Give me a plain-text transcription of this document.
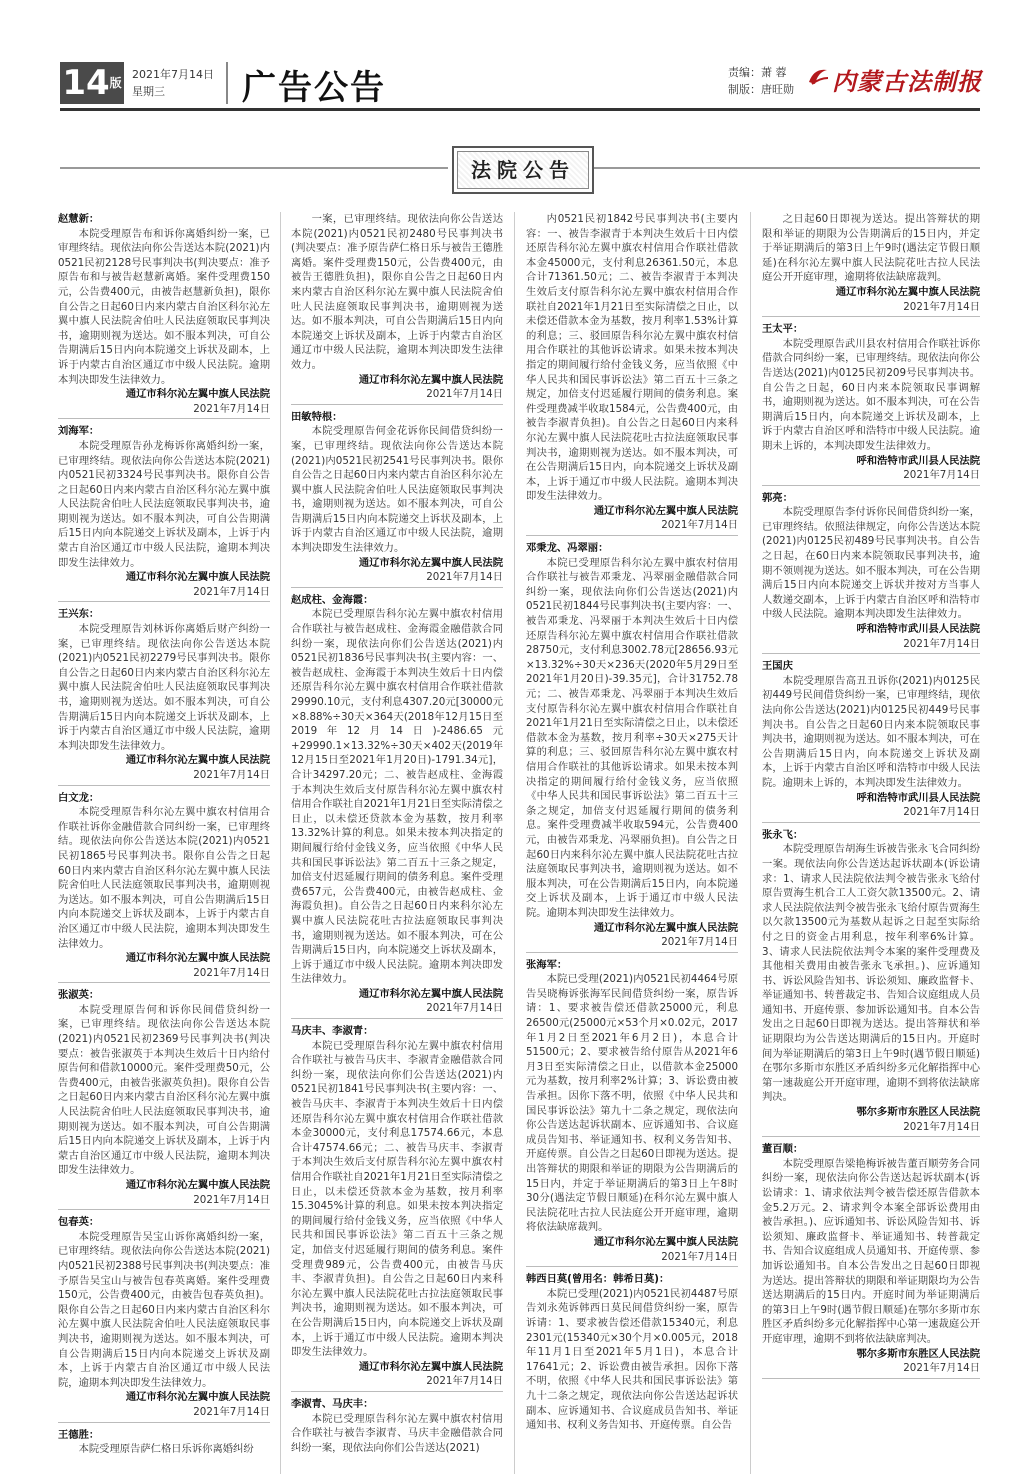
$14^版$
2021年7月14日
星期三	广告公告	责编：萧 蓉
制版：唐旺勋 内蒙古法制报
法院公告
赵慧新：
本院受理原告布和诉你离婚纠纷一案，已审理终结。现依法向你公告送达本院(2021)内0521民初2128号民事判决书(判决要点：准予原告布和与被告赵慧新离婚。案件受理费150元，公告费400元，由被告赵慧新负担)，限你自公告之日起60日内来内蒙古自治区科尔沁左翼中旗人民法院舍伯吐人民法庭领取民事判决书，逾期则视为送达。如不服本判决，可自公告期满后15日内向本院递交上诉状及副本，上诉于内蒙古自治区通辽市中级人民法院。逾期本判决即发生法律效力。
通辽市科尔沁左翼中旗人民法院
2021年7月14日
刘海军：
本院受理原告孙龙梅诉你离婚纠纷一案，已审理终结。现依法向你公告送达本院(2021)内0521民初3324号民事判决书。限你自公告之日起60日内来内蒙古自治区科尔沁左翼中旗人民法院舍伯吐人民法庭领取民事判决书，逾期则视为送达。如不服本判决，可自公告期满后15日内向本院递交上诉状及副本，上诉于内蒙古自治区通辽市中级人民法院，逾期本判决即发生法律效力。
通辽市科尔沁左翼中旗人民法院
2021年7月14日
王兴东：
本院受理原告刘林诉你离婚后财产纠纷一案，已审理终结。现依法向你公告送达本院(2021)内0521民初2279号民事判决书。限你自公告之日起60日内来内蒙古自治区科尔沁左翼中旗人民法院舍伯吐人民法庭领取民事判决书，逾期则视为送达。如不服本判决，可自公告期满后15日内向本院递交上诉状及副本，上诉于内蒙古自治区通辽市中级人民法院，逾期本判决即发生法律效力。
通辽市科尔沁左翼中旗人民法院
2021年7月14日
白文龙：
本院受理原告科尔沁左翼中旗农村信用合作联社诉你金融借款合同纠纷一案，已审理终结。现依法向你公告送达本院(2021)内0521民初1865号民事判决书。限你自公告之日起60日内来内蒙古自治区科尔沁左翼中旗人民法院舍伯吐人民法庭领取民事判决书，逾期则视为送达。如不服本判决，可自公告期满后15日内向本院递交上诉状及副本，上诉于内蒙古自治区通辽市中级人民法院，逾期本判决即发生法律效力。
通辽市科尔沁左翼中旗人民法院
2021年7月14日
张淑英：
本院受理原告何和诉你民间借贷纠纷一案，已审理终结。现依法向你公告送达本院(2021)内0521民初2369号民事判决书(判决要点：被告张淑英于本判决生效后十日内给付原告何和借款10000元。案件受理费50元，公告费400元，由被告张淑英负担)。限你自公告之日起60日内来内蒙古自治区科尔沁左翼中旗人民法院舍伯吐人民法庭领取民事判决书，逾期则视为送达。如不服本判决，可自公告期满后15日内向本院递交上诉状及副本，上诉于内蒙古自治区通辽市中级人民法院，逾期本判决即发生法律效力。
通辽市科尔沁左翼中旗人民法院
2021年7月14日
包春英：
本院受理原告吴宝山诉你离婚纠纷一案，已审理终结。现依法向你公告送达本院(2021)内0521民初2388号民事判决书(判决要点：准予原告吴宝山与被告包春英离婚。案件受理费150元，公告费400元，由被告包春英负担)。限你自公告之日起60日内来内蒙古自治区科尔沁左翼中旗人民法院舍伯吐人民法庭领取民事判决书，逾期则视为送达。如不服本判决，可自公告期满后15日内向本院递交上诉状及副本，上诉于内蒙古自治区通辽市中级人民法院，逾期本判决即发生法律效力。
通辽市科尔沁左翼中旗人民法院
2021年7月14日
王德胜：
本院受理原告萨仁格日乐诉你离婚纠纷
一案，已审理终结。现依法向你公告送达本院(2021)内0521民初2480号民事判决书(判决要点：准予原告萨仁格日乐与被告王德胜离婚。案件受理费150元，公告费400元，由被告王德胜负担)，限你自公告之日起60日内来内蒙古自治区科尔沁左翼中旗人民法院舍伯吐人民法庭领取民事判决书，逾期则视为送达。如不服本判决，可自公告期满后15日内向本院递交上诉状及副本，上诉于内蒙古自治区通辽市中级人民法院，逾期本判决即发生法律效力。
通辽市科尔沁左翼中旗人民法院
2021年7月14日
田敏特根：
本院受理原告何金花诉你民间借贷纠纷一案，已审理终结。现依法向你公告送达本院(2021)内0521民初2541号民事判决书。限你自公告之日起60日内来内蒙古自治区科尔沁左翼中旗人民法院舍伯吐人民法庭领取民事判决书，逾期则视为送达。如不服本判决，可自公告期满后15日内向本院递交上诉状及副本，上诉于内蒙古自治区通辽市中级人民法院，逾期本判决即发生法律效力。
通辽市科尔沁左翼中旗人民法院
2021年7月14日
赵成柱、金海霞：
本院已受理原告科尔沁左翼中旗农村信用合作联社与被告赵成柱、金海霞金融借款合同纠纷一案，现依法向你们公告送达(2021)内0521民初1836号民事判决书(主要内容：一、被告赵成柱、金海霞于本判决生效后十日内偿还原告科尔沁左翼中旗农村信用合作联社借款29990.10元，支付利息4307.20元[30000元×8.88%÷30天×364天(2018年12月15日至2019年12月14日)-2486.65元+29990.1×13.32%÷30天×402天(2019年12月15日至2021年1月20日)-1791.34元]，合计34297.20元；二、被告赵成柱、金海霞于本判决生效后支付原告科尔沁左翼中旗农村信用合作联社自2021年1月21日至实际清偿之日止，以未偿还贷款本金为基数，按月利率13.32%计算的利息。如果未按本判决指定的期间履行给付金钱义务，应当依照《中华人民共和国民事诉讼法》第二百五十三条之规定，加倍支付迟延履行期间的债务利息。案件受理费657元，公告费400元，由被告赵成柱、金海霞负担)。自公告之日起60日内来科尔沁左翼中旗人民法院花吐古拉法庭领取民事判决书，逾期则视为送达。如不服本判决，可在公告期满后15日内，向本院递交上诉状及副本，上诉于通辽市中级人民法院。逾期本判决即发生法律效力。
通辽市科尔沁左翼中旗人民法院
2021年7月14日
马庆丰、李淑青：
本院已受理原告科尔沁左翼中旗农村信用合作联社与被告马庆丰、李淑青金融借款合同纠纷一案，现依法向你们公告送达(2021)内0521民初1841号民事判决书(主要内容：一、被告马庆丰、李淑青于本判决生效后十日内偿还原告科尔沁左翼中旗农村信用合作联社借款本金30000元，支付利息17574.66元，本息合计47574.66元；二、被告马庆丰、李淑青于本判决生效后支付原告科尔沁左翼中旗农村信用合作联社自2021年1月21日至实际清偿之日止，以未偿还贷款本金为基数，按月利率15.3045%计算的利息。如果未按本判决指定的期间履行给付金钱义务，应当依照《中华人民共和国民事诉讼法》第二百五十三条之规定，加倍支付迟延履行期间的债务利息。案件受理费989元，公告费400元，由被告马庆丰、李淑青负担)。自公告之日起60日内来科尔沁左翼中旗人民法院花吐古拉法庭领取民事判决书，逾期则视为送达。如不服本判决，可在公告期满后15日内，向本院递交上诉状及副本，上诉于通辽市中级人民法院。逾期本判决即发生法律效力。
通辽市科尔沁左翼中旗人民法院
2021年7月14日
李淑青、马庆丰：
本院已受理原告科尔沁左翼中旗农村信用合作联社与被告李淑青、马庆丰金融借款合同纠纷一案，现依法向你们公告送达(2021)
内0521民初1842号民事判决书(主要内容：一、被告李淑青于本判决生效后十日内偿还原告科尔沁左翼中旗农村信用合作联社借款本金45000元，支付利息26361.50元，本息合计71361.50元；二、被告李淑青于本判决生效后支付原告科尔沁左翼中旗农村信用合作联社自2021年1月21日至实际清偿之日止，以未偿还借款本金为基数，按月利率1.53%计算的利息；三、驳回原告科尔沁左翼中旗农村信用合作联社的其他诉讼请求。如果未按本判决指定的期间履行给付金钱义务，应当依照《中华人民共和国民事诉讼法》第二百五十三条之规定，加倍支付迟延履行期间的债务利息。案件受理费减半收取1584元，公告费400元，由被告李淑青负担)。自公告之日起60日内来科尔沁左翼中旗人民法院花吐古拉法庭领取民事判决书，逾期则视为送达。如不服本判决，可在公告期满后15日内，向本院递交上诉状及副本，上诉于通辽市中级人民法院。逾期本判决即发生法律效力。
通辽市科尔沁左翼中旗人民法院
2021年7月14日
邓秉龙、冯翠丽：
本院已受理原告科尔沁左翼中旗农村信用合作联社与被告邓秉龙、冯翠丽金融借款合同纠纷一案，现依法向你们公告送达(2021)内0521民初1844号民事判决书(主要内容：一、被告邓秉龙、冯翠丽于本判决生效后十日内偿还原告科尔沁左翼中旗农村信用合作联社借款28750元，支付利息3002.78元[28656.93元×13.32%÷30天×236天(2020年5月29日至2021年1月20日)-39.35元]，合计31752.78元；二、被告邓秉龙、冯翠丽于本判决生效后支付原告科尔沁左翼中旗农村信用合作联社自2021年1月21日至实际清偿之日止，以未偿还借款本金为基数，按月利率÷30天×275天计算的利息；三、驳回原告科尔沁左翼中旗农村信用合作联社的其他诉讼请求。如果未按本判决指定的期间履行给付金钱义务，应当依照《中华人民共和国民事诉讼法》第二百五十三条之规定，加倍支付迟延履行期间的债务利息。案件受理费减半收取594元，公告费400元，由被告邓秉龙、冯翠丽负担)。自公告之日起60日内来科尔沁左翼中旗人民法院花吐古拉法庭领取民事判决书，逾期则视为送达。如不服本判决，可在公告期满后15日内，向本院递交上诉状及副本，上诉于通辽市中级人民法院。逾期本判决即发生法律效力。
通辽市科尔沁左翼中旗人民法院
2021年7月14日
张海军：
本院已受理(2021)内0521民初4464号原告吴晓梅诉张海军民间借贷纠纷一案，原告诉请：1、要求被告偿还借款25000元，利息26500元(25000元×53个月×0.02元，2017年1月2日至2021年6月2日)，本息合计51500元；2、要求被告给付原告从2021年6月3日至实际清偿之日止，以借款本金25000元为基数，按月利率2%计算；3、诉讼费由被告承担。因你下落不明，依照《中华人民共和国民事诉讼法》第九十二条之规定，现依法向你公告送达起诉状副本、应诉通知书、合议庭成员告知书、举证通知书、权利义务告知书、开庭传票。自公告之日起60日即视为送达。提出答辩状的期限和举证的期限为公告期满后的15日内，并定于举证期满后的第3日上午8时30分(遇法定节假日顺延)在科尔沁左翼中旗人民法院花吐古拉人民法庭公开开庭审理，逾期将依法缺席裁判。
通辽市科尔沁左翼中旗人民法院
2021年7月14日
韩西日莫(曾用名：韩希日莫)：
本院已受理(2021)内0521民初4487号原告刘永苑诉韩西日莫民间借贷纠纷一案，原告诉请：1、要求被告偿还借款15340元，利息2301元(15340元×30个月×0.005元，2018年11月1日至2021年5月1日)，本息合计17641元；2、诉讼费由被告承担。因你下落不明，依照《中华人民共和国民事诉讼法》第九十二条之规定，现依法向你公告送达起诉状副本、应诉通知书、合议庭成员告知书、举证通知书、权利义务告知书、开庭传票。自公告
之日起60日即视为送达。提出答辩状的期限和举证的期限为公告期满后的15日内，并定于举证期满后的第3日上午9时(遇法定节假日顺延)在科尔沁左翼中旗人民法院花吐古拉人民法庭公开开庭审理，逾期将依法缺席裁判。
通辽市科尔沁左翼中旗人民法院
2021年7月14日
王太平：
本院受理原告武川县农村信用合作联社诉你借款合同纠纷一案，已审理终结。现依法向你公告送达(2021)内0125民初209号民事判决书。自公告之日起，60日内来本院领取民事调解书，逾期则视为送达。如不服本判决，可在公告期满后15日内，向本院递交上诉状及副本，上诉于内蒙古自治区呼和浩特市中级人民法院。逾期未上诉的，本判决即发生法律效力。
呼和浩特市武川县人民法院
2021年7月14日
郭亮：
本院受理原告李付诉你民间借贷纠纷一案，已审理终结。依照法律规定，向你公告送达本院(2021)内0125民初489号民事判决书。自公告之日起，在60日内来本院领取民事判决书，逾期不领则视为送达。如不服本判决，可在公告期满后15日内向本院递交上诉状并按对方当事人人数递交副本，上诉于内蒙古自治区呼和浩特市中级人民法院。逾期本判决即发生法律效力。
呼和浩特市武川县人民法院
2021年7月14日
王国庆
本院受理原告高丑丑诉你(2021)内0125民初449号民间借贷纠纷一案，已审理终结，现依法向你公告送达(2021)内0125民初449号民事判决书。自公告之日起60日内来本院领取民事判决书，逾期则视为送达。如不服本判决，可在公告期满后15日内，向本院递交上诉状及副本，上诉于内蒙古自治区呼和浩特市中级人民法院。逾期未上诉的，本判决即发生法律效力。
呼和浩特市武川县人民法院
2021年7月14日
张永飞：
本院受理原告胡海生诉被告张永飞合同纠纷一案。现依法向你公告送达起诉状副本(诉讼请求：1、请求人民法院依法判令被告张永飞给付原告贾海生机合工人工资欠款13500元。2、请求人民法院依法判令被告张永飞给付原告贾海生以欠款13500元为基数从起诉之日起至实际给付之日的资金占用利息，按年利率6%计算。3、请求人民法院依法判令本案的案件受理费及其他相关费用由被告张永飞承担。)、应诉通知书、诉讼风险告知书、诉讼须知、廉政监督卡、举证通知书、转普裁定书、告知合议庭组成人员通知书、开庭传票、参加诉讼通知书。自本公告发出之日起60日即视为送达。提出答辩状和举证期限均为公告送达期满后的15日内。开庭时间为举证期满后的第3日上午9时(遇节假日顺延)在鄂尔多斯市东胜区矛盾纠纷多元化解指挥中心第一速裁庭公开开庭审理，逾期不到将依法缺席判决。
鄂尔多斯市东胜区人民法院
2021年7月14日
董百顺：
本院受理原告梁艳梅诉被告董百顺劳务合同纠纷一案，现依法向你公告送达起诉状副本(诉讼请求：1、请求依法判令被告偿还原告借款本金5.2万元。2、请求判令本案全部诉讼费用由被告承担。)、应诉通知书、诉讼风险告知书、诉讼须知、廉政监督卡、举证通知书、转普裁定书、告知合议庭组成人员通知书、开庭传票、参加诉讼通知书。自本公告发出之日起60日即视为送达。提出答辩状的期限和举证期限均为公告送达期满后的15日内。开庭时间为举证期满后的第3日上午9时(遇节假日顺延)在鄂尔多斯市东胜区矛盾纠纷多元化解指挥中心第一速裁庭公开开庭审理，逾期不到将依法缺席判决。
鄂尔多斯市东胜区人民法院
2021年7月14日
